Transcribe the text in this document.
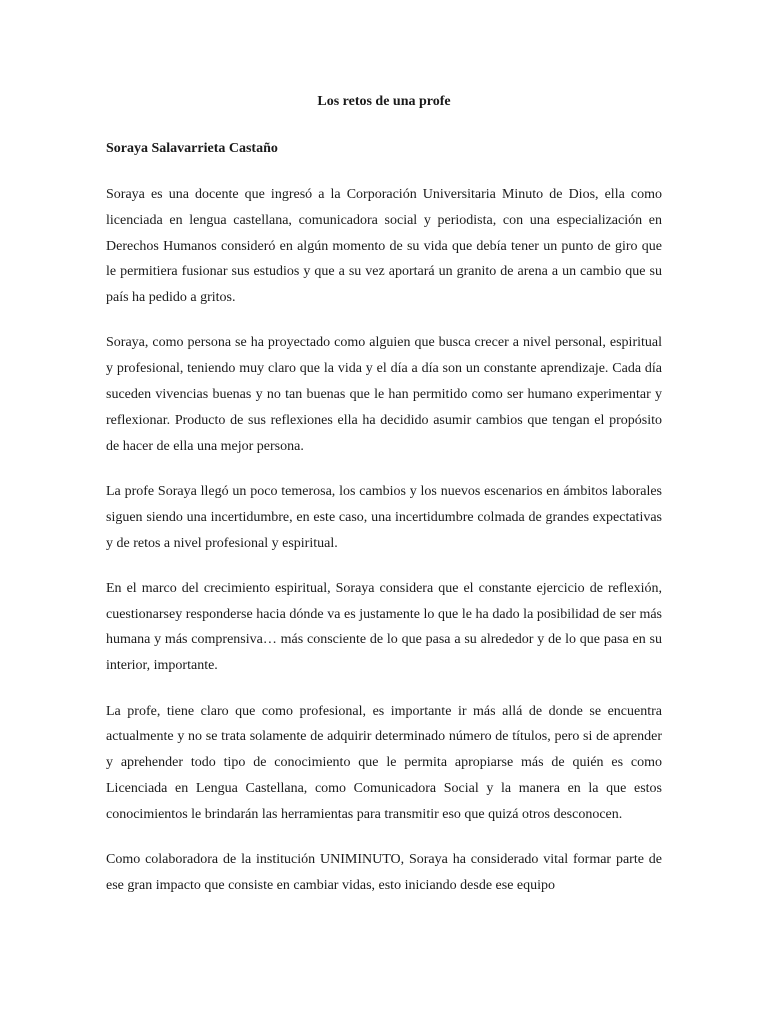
Los retos de una profe
Soraya Salavarrieta Castaño

Soraya es una docente que ingresó a la Corporación Universitaria Minuto de Dios, ella como licenciada en lengua castellana, comunicadora social y periodista, con una especialización en Derechos Humanos consideró en algún momento de su vida que debía tener un punto de giro que le permitiera fusionar sus estudios y que a su vez aportará un granito de arena a un cambio que su país ha pedido a gritos.

Soraya, como persona se ha proyectado como alguien que busca crecer a nivel personal, espiritual y profesional, teniendo muy claro que la vida y el día a día son un constante aprendizaje. Cada día suceden vivencias buenas y no tan buenas que le han permitido como ser humano experimentar y reflexionar. Producto de sus reflexiones ella ha decidido asumir cambios que tengan el propósito de hacer de ella una mejor persona.

La profe Soraya llegó un poco temerosa, los cambios y los nuevos escenarios en ámbitos laborales siguen siendo una incertidumbre, en este caso, una incertidumbre colmada de grandes expectativas y de retos a nivel profesional y espiritual.

En el marco del crecimiento espiritual, Soraya considera que el constante ejercicio de reflexión, cuestionarsey responderse hacia dónde va es justamente lo que le ha dado la posibilidad de ser más humana y más comprensiva… más consciente de lo que pasa a su alrededor y de lo que pasa en su interior, importante.

La profe, tiene claro que como profesional, es importante ir más allá de donde se encuentra actualmente y no se trata solamente de adquirir determinado número de títulos, pero si de aprender y aprehender todo tipo de conocimiento que le permita apropiarse más de quién es como Licenciada en Lengua Castellana, como Comunicadora Social y la manera en la que estos conocimientos le brindarán las herramientas para transmitir eso que quizá otros desconocen.

Como colaboradora de la institución UNIMINUTO, Soraya ha considerado vital formar parte de ese gran impacto que consiste en cambiar vidas, esto iniciando desde ese equipo
